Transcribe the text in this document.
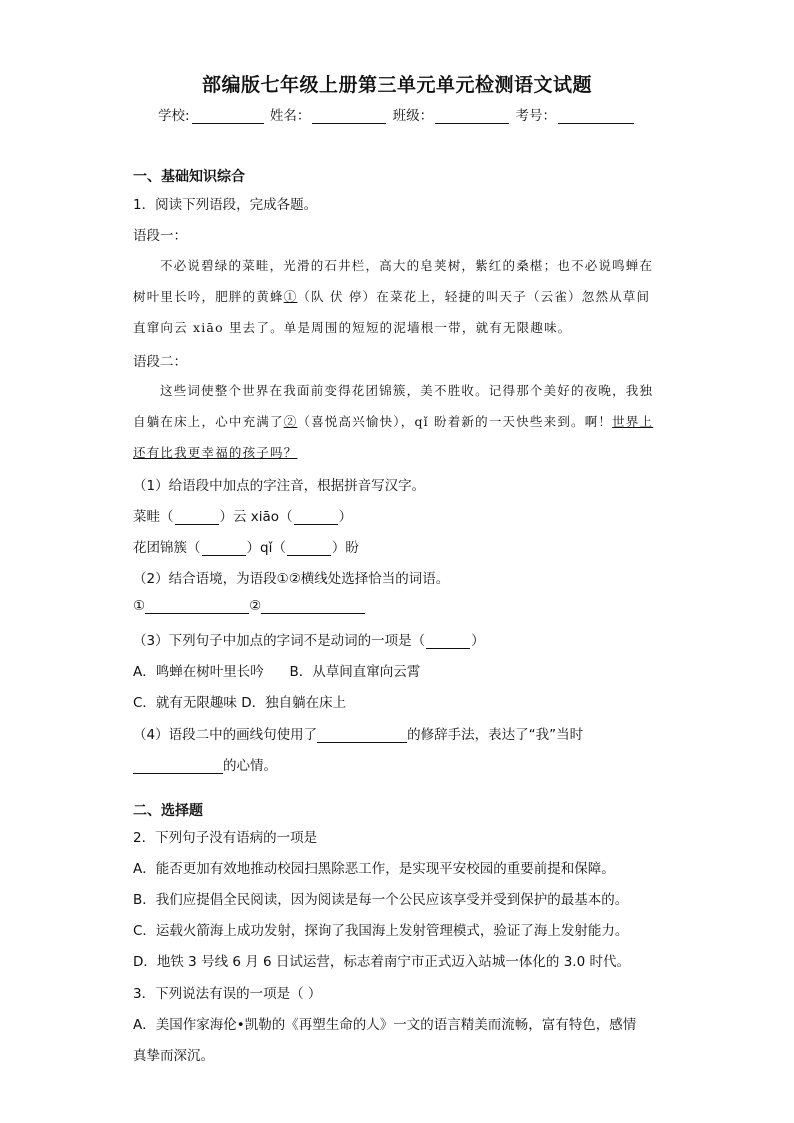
部编版七年级上册第三单元单元检测语文试题
学校:	姓名：	班级：	考号：
一、基础知识综合
1．阅读下列语段，完成各题。
语段一：
不必说碧绿的菜畦，光滑的石井栏，高大的皂荚树，紫红的桑椹；也不必说鸣蝉在
树叶里长吟，肥胖的黄蜂①（队 伏 停）在菜花上，轻捷的叫天子（云雀）忽然从草间
直窜向云 xiāo 里去了。单是周围的短短的泥墙根一带，就有无限趣味。
语段二：
这些词使整个世界在我面前变得花团锦簇，美不胜收。记得那个美好的夜晚，我独
自躺在床上，心中充满了②（喜悦高兴愉快），qǐ 盼着新的一天快些来到。啊！世界上
还有比我更幸福的孩子吗？
（1）给语段中加点的字注音，根据拼音写汉字。
菜畦（	）云 xiāo（	）
花团锦簇（	）qǐ（	）盼
（2）结合语境，为语段①②横线处选择恰当的词语。
①	②
（3）下列句子中加点的字词不是动词的一项是（	）
A．鸣蝉在树叶里长吟 B．从草间直窜向云霄
C．就有无限趣味 D．独自躺在床上
（4）语段二中的画线句使用了	的修辞手法，表达了“我”当时
的心情。
二、选择题
2．下列句子没有语病的一项是
A．能否更加有效地推动校园扫黑除恶工作，是实现平安校园的重要前提和保障。
B．我们应提倡全民阅读，因为阅读是每一个公民应该享受并受到保护的最基本的。
C．运载火箭海上成功发射，探询了我国海上发射管理模式，验证了海上发射能力。
D．地铁 3 号线 6 月 6 日试运营，标志着南宁市正式迈入站城一体化的 3.0 时代。
3．下列说法有误的一项是（ ）
A．美国作家海伦•凯勒的《再塑生命的人》一文的语言精美而流畅，富有特色，感情
真挚而深沉。
